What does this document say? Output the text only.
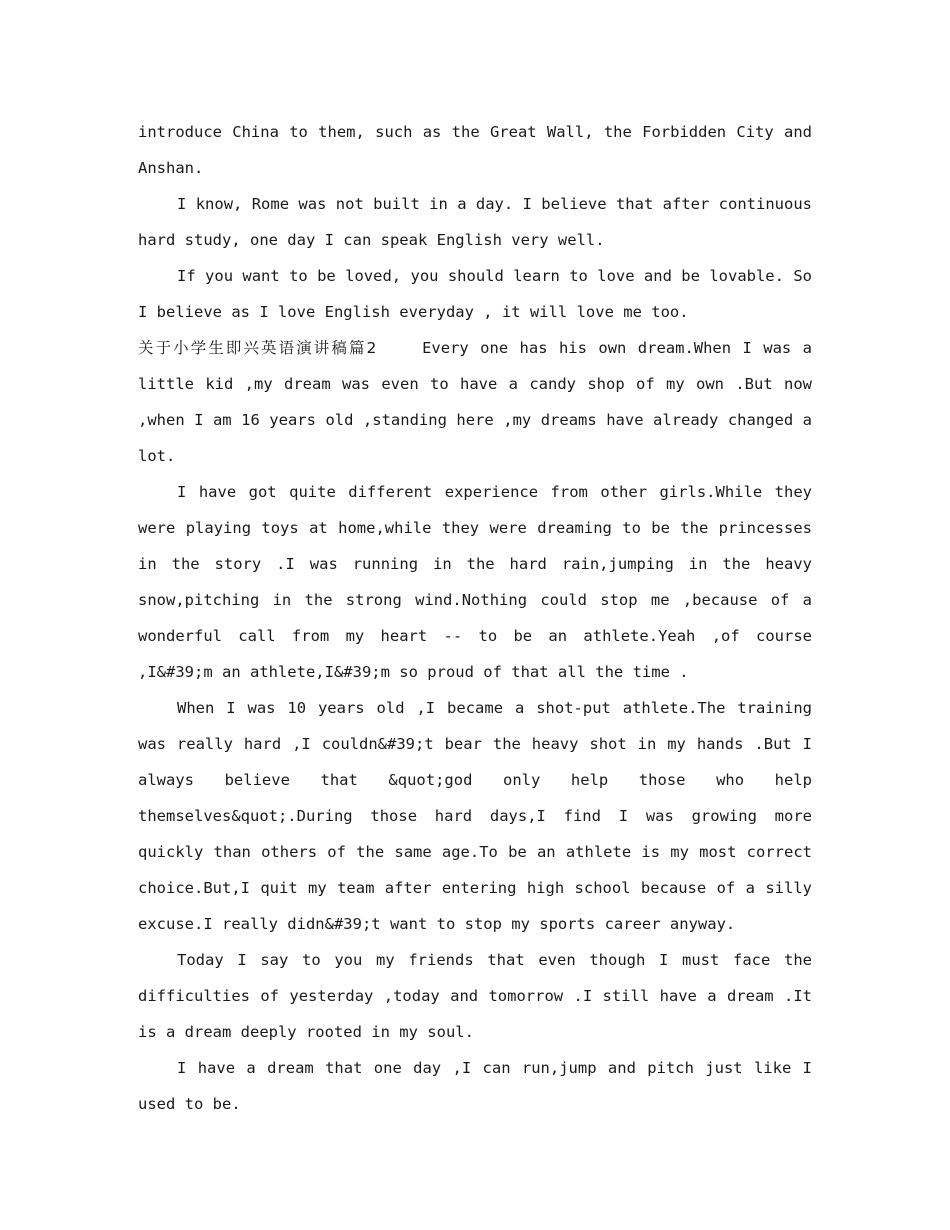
introduce China to them, such as the Great Wall, the Forbidden City and Anshan.

I know, Rome was not built in a day. I believe that after continuous hard study, one day I can speak English very well.

If you want to be loved, you should learn to love and be lovable. So I believe as I love English everyday , it will love me too.

关于小学生即兴英语演讲稿篇2	Every one has his own dream.When I was a little kid ,my dream was even to have a candy shop of my own .But now ,when I am 16 years old ,standing here ,my dreams have already changed a lot.

I have got quite different experience from other girls.While they were playing toys at home,while they were dreaming to be the princesses in the story .I was running in the hard rain,jumping in the heavy snow,pitching in the strong wind.Nothing could stop me ,because of a wonderful call from my heart -- to be an athlete.Yeah ,of course ,I&#39;m an athlete,I&#39;m so proud of that all the time .

When I was 10 years old ,I became a shot-put athlete.The training was really hard ,I couldn&#39;t bear the heavy shot in my hands .But I always believe that &quot;god only help those who help themselves&quot;.During those hard days,I find I was growing more quickly than others of the same age.To be an athlete is my most correct choice.But,I quit my team after entering high school because of a silly excuse.I really didn&#39;t want to stop my sports career anyway.

Today I say to you my friends that even though I must face the difficulties of yesterday ,today and tomorrow .I still have a dream .It is a dream deeply rooted in my soul.

I have a dream that one day ,I can run,jump and pitch just like I used to be.
